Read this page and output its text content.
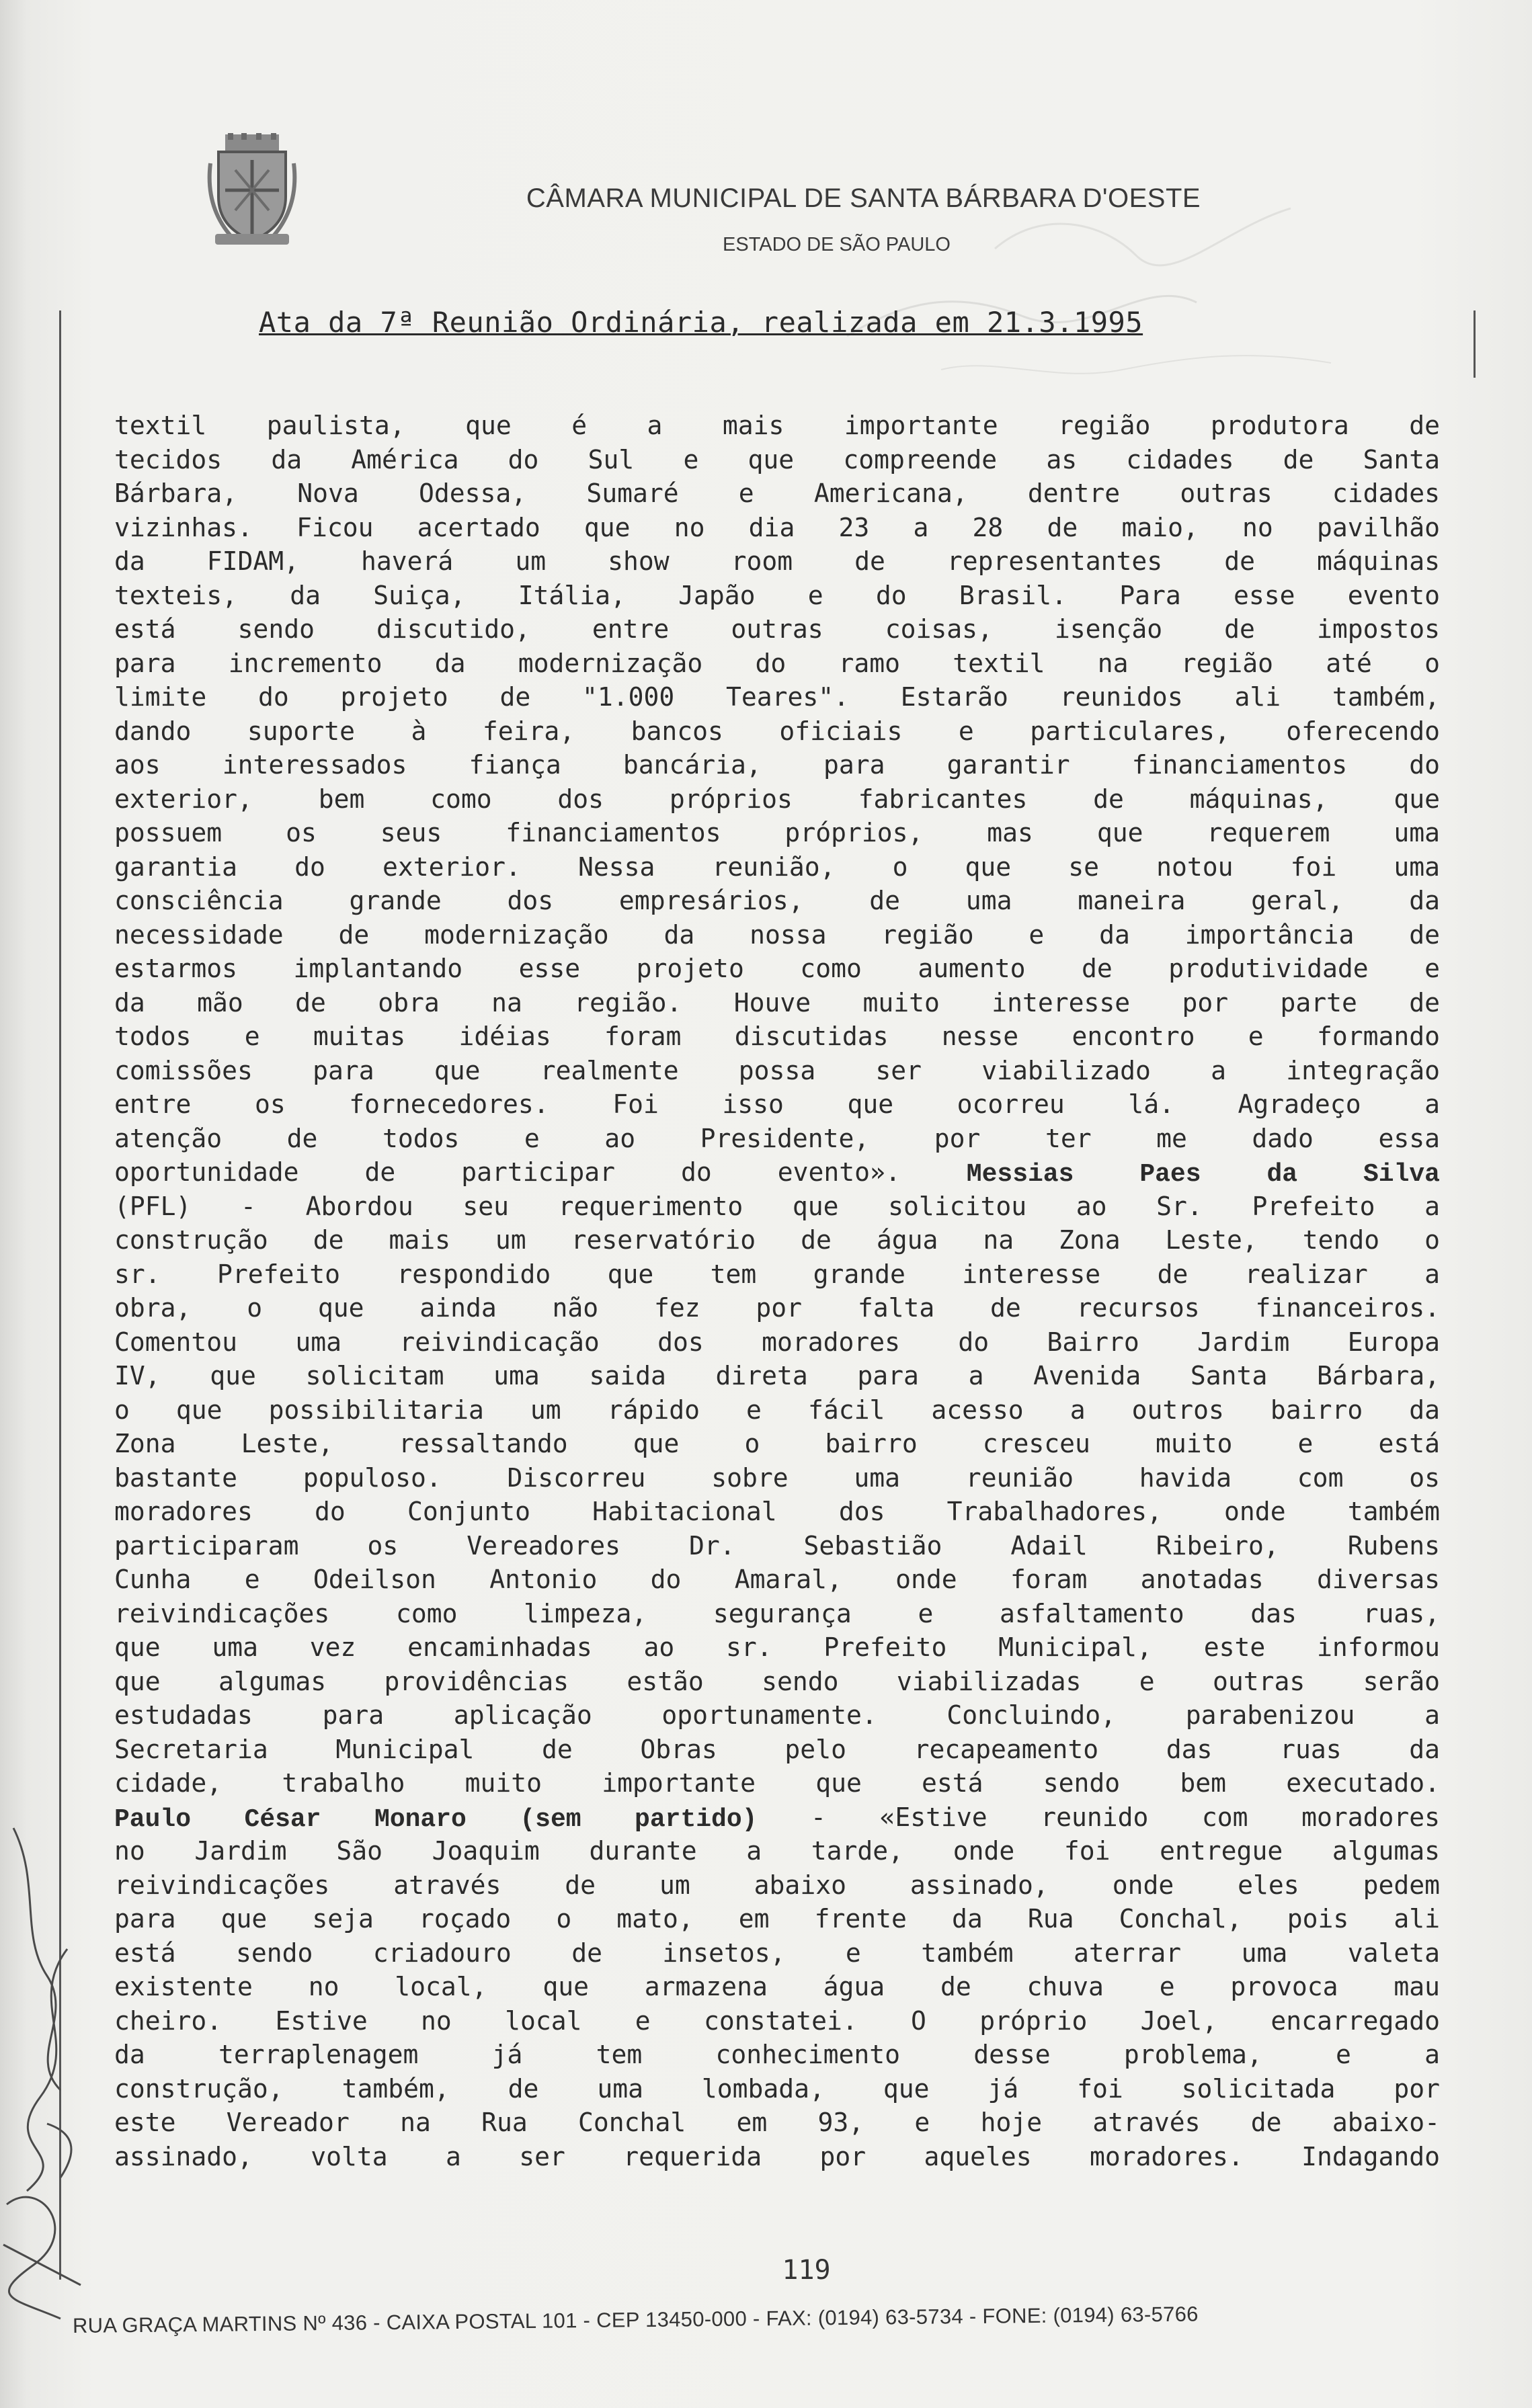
CÂMARA MUNICIPAL DE SANTA BÁRBARA D'OESTE
ESTADO DE SÃO PAULO
Ata da 7ª Reunião Ordinária, realizada em 21.3.1995
textil paulista, que é a mais importante região produtora de
tecidos da América do Sul e que compreende as cidades de Santa
Bárbara, Nova Odessa, Sumaré e Americana, dentre outras cidades
vizinhas. Ficou acertado que no dia 23 a 28 de maio, no pavilhão
da FIDAM, haverá um show room de representantes de máquinas
texteis, da Suiça, Itália, Japão e do Brasil. Para esse evento
está sendo discutido, entre outras coisas, isenção de impostos
para incremento da modernização do ramo textil na região até o
limite do projeto de "1.000 Teares". Estarão reunidos ali também,
dando suporte à feira, bancos oficiais e particulares, oferecendo
aos interessados fiança bancária, para garantir financiamentos do
exterior, bem como dos próprios fabricantes de máquinas, que
possuem os seus financiamentos próprios, mas que requerem uma
garantia do exterior. Nessa reunião, o que se notou foi uma
consciência grande dos empresários, de uma maneira geral, da
necessidade de modernização da nossa região e da importância de
estarmos implantando esse projeto como aumento de produtividade e
da mão de obra na região. Houve muito interesse por parte de
todos e muitas idéias foram discutidas nesse encontro e formando
comissões para que realmente possa ser viabilizado a integração
entre os fornecedores. Foi isso que ocorreu lá. Agradeço a
atenção de todos e ao Presidente, por ter me dado essa
oportunidade de participar do evento».	Messias Paes da Silva
(PFL) - Abordou seu requerimento que solicitou ao Sr. Prefeito a
construção de mais um reservatório de água na Zona Leste, tendo o
sr. Prefeito respondido que tem grande interesse de realizar a
obra, o que ainda não fez por falta de recursos financeiros.
Comentou uma reivindicação dos moradores do Bairro Jardim Europa
IV, que solicitam uma saida direta para a Avenida Santa Bárbara,
o que possibilitaria um rápido e fácil acesso a outros bairro da
Zona Leste, ressaltando que o bairro cresceu muito e está
bastante populoso. Discorreu sobre uma reunião havida com os
moradores do Conjunto Habitacional dos Trabalhadores, onde também
participaram os Vereadores Dr. Sebastião Adail Ribeiro, Rubens
Cunha e Odeilson Antonio do Amaral, onde foram anotadas diversas
reivindicações como limpeza, segurança e asfaltamento das ruas,
que uma vez encaminhadas ao sr. Prefeito Municipal, este informou
que algumas providências estão sendo viabilizadas e outras serão
estudadas para aplicação oportunamente. Concluindo, parabenizou a
Secretaria Municipal de Obras pelo recapeamento das ruas da
cidade, trabalho muito importante que está sendo bem executado.
Paulo César Monaro (sem partido) - «Estive reunido com moradores
no Jardim São Joaquim durante a tarde, onde foi entregue algumas
reivindicações através de um abaixo assinado, onde eles pedem
para que seja roçado o mato, em frente da Rua Conchal, pois ali
está sendo criadouro de insetos, e também aterrar uma valeta
existente no local, que armazena água de chuva e provoca mau
cheiro. Estive no local e constatei. O próprio Joel, encarregado
da terraplenagem já tem conhecimento desse problema, e a
construção, também, de uma lombada, que já foi solicitada por
este Vereador na Rua Conchal em 93, e hoje através de abaixo-
assinado, volta a ser requerida por aqueles moradores. Indagando
119
RUA GRAÇA MARTINS Nº 436 - CAIXA POSTAL 101 - CEP 13450-000 - FAX: (0194) 63-5734 - FONE: (0194) 63-5766
